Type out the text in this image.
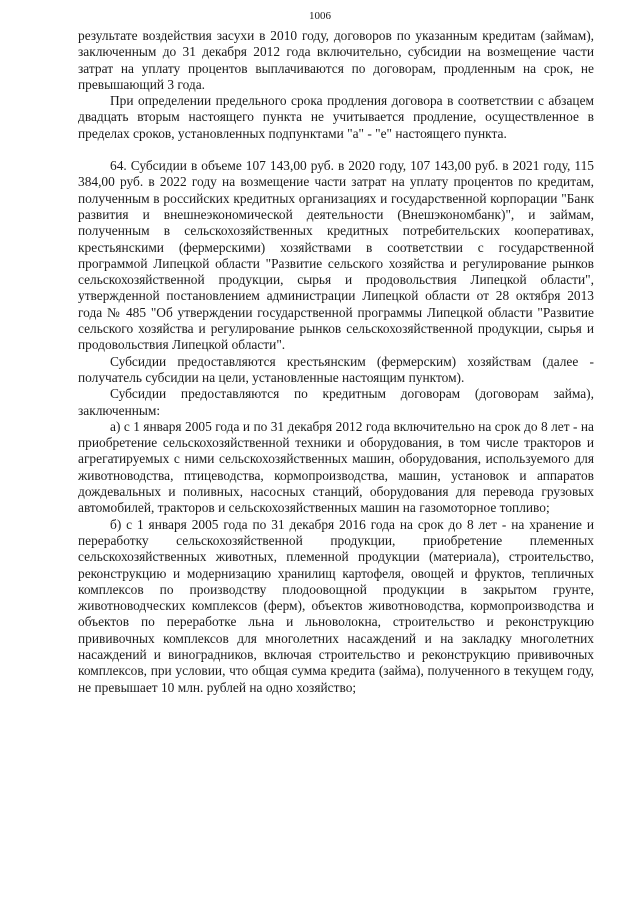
1006

результате воздействия засухи в 2010 году, договоров по указанным кредитам (займам), заключенным до 31 декабря 2012 года включительно, субсидии на возмещение части затрат на уплату процентов выплачиваются по договорам, продленным на срок, не превышающий 3 года.

При определении предельного срока продления договора в соответствии с абзацем двадцать вторым настоящего пункта не учитывается продление, осуществленное в пределах сроков, установленных подпунктами "а" - "е" настоящего пункта.

64. Субсидии в объеме 107 143,00 руб. в 2020 году, 107 143,00 руб. в 2021 году, 115 384,00 руб. в 2022 году на возмещение части затрат на уплату процентов по кредитам, полученным в российских кредитных организациях и государственной корпорации "Банк развития и внешнеэкономической деятельности (Внешэкономбанк)", и займам, полученным в сельскохозяйственных кредитных потребительских кооперативах, крестьянскими (фермерскими) хозяйствами в соответствии с государственной программой Липецкой области "Развитие сельского хозяйства и регулирование рынков сельскохозяйственной продукции, сырья и продовольствия Липецкой области", утвержденной постановлением администрации Липецкой области от 28 октября 2013 года № 485 "Об утверждении государственной программы Липецкой области "Развитие сельского хозяйства и регулирование рынков сельскохозяйственной продукции, сырья и продовольствия Липецкой области".

Субсидии предоставляются крестьянским (фермерским) хозяйствам (далее - получатель субсидии на цели, установленные настоящим пунктом).

Субсидии предоставляются по кредитным договорам (договорам займа), заключенным:

а) с 1 января 2005 года и по 31 декабря 2012 года включительно на срок до 8 лет - на приобретение сельскохозяйственной техники и оборудования, в том числе тракторов и агрегатируемых с ними сельскохозяйственных машин, оборудования, используемого для животноводства, птицеводства, кормопроизводства, машин, установок и аппаратов дождевальных и поливных, насосных станций, оборудования для перевода грузовых автомобилей, тракторов и сельскохозяйственных машин на газомоторное топливо;

б) с 1 января 2005 года по 31 декабря 2016 года на срок до 8 лет - на хранение и переработку сельскохозяйственной продукции, приобретение племенных сельскохозяйственных животных, племенной продукции (материала), строительство, реконструкцию и модернизацию хранилищ картофеля, овощей и фруктов, тепличных комплексов по производству плодоовощной продукции в закрытом грунте, животноводческих комплексов (ферм), объектов животноводства, кормопроизводства и объектов по переработке льна и льноволокна, строительство и реконструкцию прививочных комплексов для многолетних насаждений и на закладку многолетних насаждений и виноградников, включая строительство и реконструкцию прививочных комплексов, при условии, что общая сумма кредита (займа), полученного в текущем году, не превышает 10 млн. рублей на одно хозяйство;
